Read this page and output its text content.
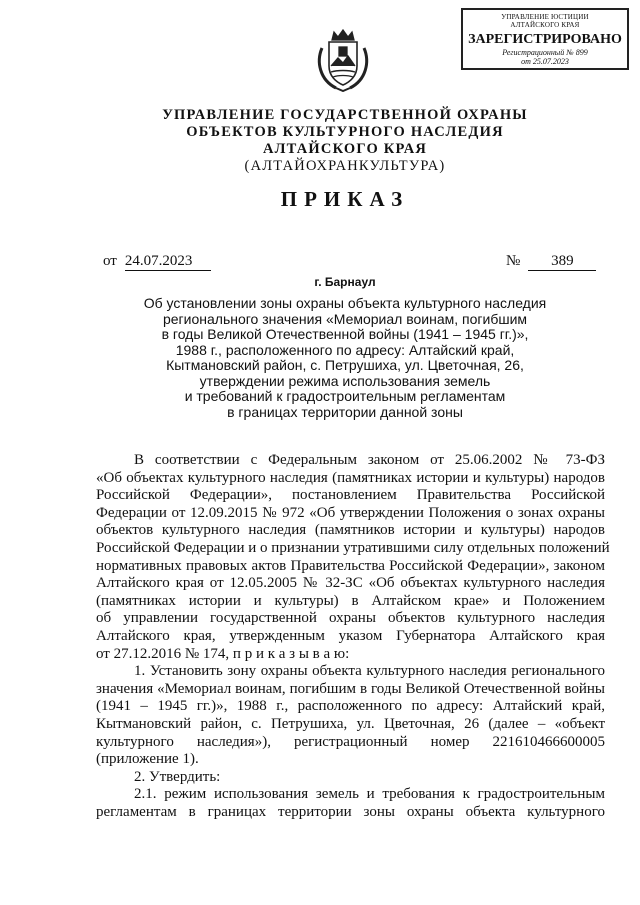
УПРАВЛЕНИЕ ЮСТИЦИИ
АЛТАЙСКОГО КРАЯ
ЗАРЕГИСТРИРОВАНО
Регистрационный № 899
от 25.07.2023
УПРАВЛЕНИЕ ГОСУДАРСТВЕННОЙ ОХРАНЫ
ОБЪЕКТОВ КУЛЬТУРНОГО НАСЛЕДИЯ
АЛТАЙСКОГО КРАЯ
(АЛТАЙОХРАНКУЛЬТУРА)
ПРИКАЗ
от 24.07.2023	№ 389
г. Барнаул
Об установлении зоны охраны объекта культурного наследия
регионального значения «Мемориал воинам, погибшим
в годы Великой Отечественной войны (1941 – 1945 гг.)»,
1988 г., расположенного по адресу: Алтайский край,
Кытмановский район, с. Петрушиха, ул. Цветочная, 26,
утверждении режима использования земель
и требований к градостроительным регламентам
в границах территории данной зоны
В соответствии с Федеральным законом от 25.06.2002 № 73-ФЗ
«Об объектах культурного наследия (памятниках истории и культуры) народов
Российской Федерации», постановлением Правительства Российской
Федерации от 12.09.2015 № 972 «Об утверждении Положения о зонах охраны
объектов культурного наследия (памятников истории и культуры) народов
Российской Федерации и о признании утратившими силу отдельных положений
нормативных правовых актов Правительства Российской Федерации», законом
Алтайского края от 12.05.2005 № 32-ЗС «Об объектах культурного наследия
(памятниках истории и культуры) в Алтайском крае» и Положением
об управлении государственной охраны объектов культурного наследия
Алтайского края, утвержденным указом Губернатора Алтайского края
от 27.12.2016 № 174, п р и к а з ы в а ю:
1. Установить зону охраны объекта культурного наследия регионального
значения «Мемориал воинам, погибшим в годы Великой Отечественной войны
(1941 – 1945 гг.)», 1988 г., расположенного по адресу: Алтайский край,
Кытмановский район, с. Петрушиха, ул. Цветочная, 26 (далее – «объект
культурного наследия»), регистрационный номер 221610466600005
(приложение 1).
2. Утвердить:
2.1. режим использования земель и требования к градостроительным
регламентам в границах территории зоны охраны объекта культурного
